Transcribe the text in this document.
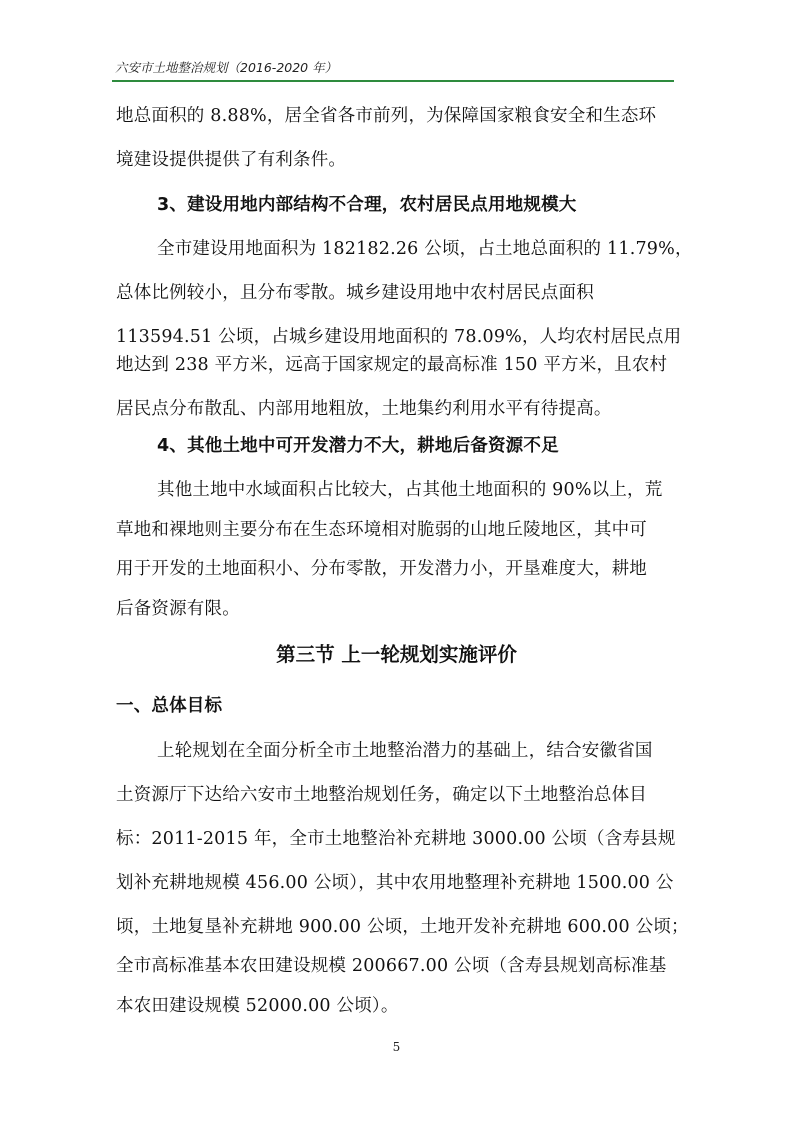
六安市土地整治规划（2016-2020 年）
地总面积的 8.88%，居全省各市前列，为保障国家粮食安全和生态环
境建设提供提供了有利条件。
3、建设用地内部结构不合理，农村居民点用地规模大
全市建设用地面积为 182182.26 公顷，占土地总面积的 11.79%，
总体比例较小，且分布零散。城乡建设用地中农村居民点面积
113594.51 公顷，占城乡建设用地面积的 78.09%，人均农村居民点用
地达到 238 平方米，远高于国家规定的最高标准 150 平方米，且农村
居民点分布散乱、内部用地粗放，土地集约利用水平有待提高。
4、其他土地中可开发潜力不大，耕地后备资源不足
其他土地中水域面积占比较大，占其他土地面积的 90%以上，荒
草地和裸地则主要分布在生态环境相对脆弱的山地丘陵地区，其中可
用于开发的土地面积小、分布零散，开发潜力小，开垦难度大，耕地
后备资源有限。
第三节 上一轮规划实施评价
一、总体目标
上轮规划在全面分析全市土地整治潜力的基础上，结合安徽省国
土资源厅下达给六安市土地整治规划任务，确定以下土地整治总体目
标：2011-2015 年，全市土地整治补充耕地 3000.00 公顷（含寿县规
划补充耕地规模 456.00 公顷），其中农用地整理补充耕地 1500.00 公
顷，土地复垦补充耕地 900.00 公顷，土地开发补充耕地 600.00 公顷；
全市高标准基本农田建设规模 200667.00 公顷（含寿县规划高标准基
本农田建设规模 52000.00 公顷）。
5
